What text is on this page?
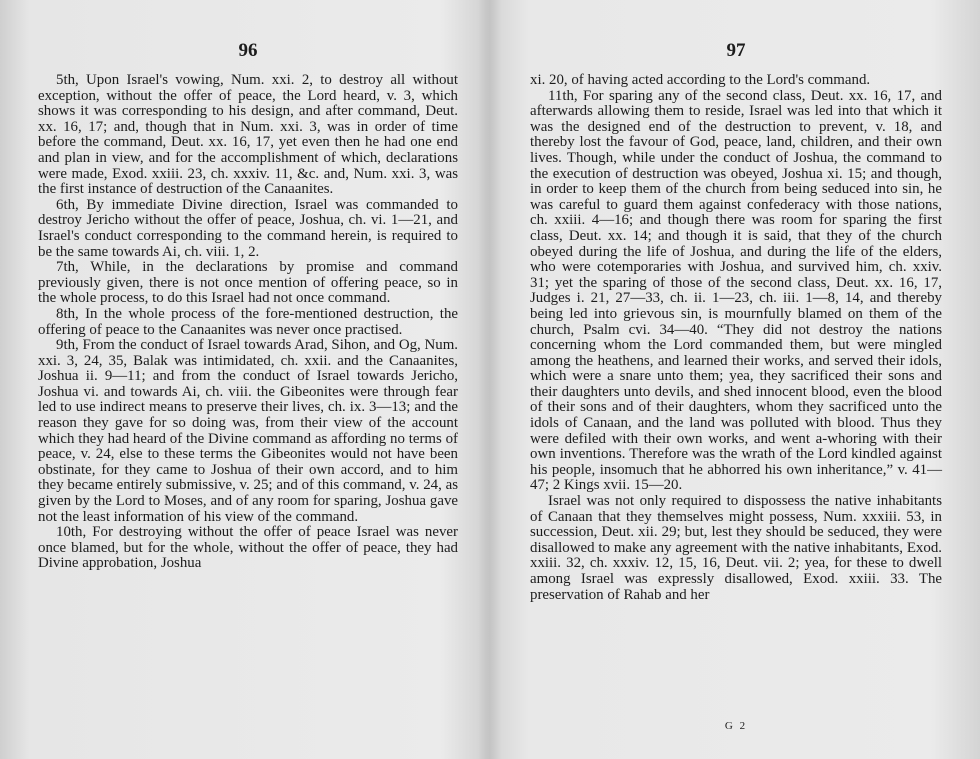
96

5th, Upon Israel's vowing, Num. xxi. 2, to destroy all without exception, without the offer of peace, the Lord heard, v. 3, which shows it was corresponding to his design, and after command, Deut. xx. 16, 17; and, though that in Num. xxi. 3, was in order of time before the command, Deut. xx. 16, 17, yet even then he had one end and plan in view, and for the accomplishment of which, declarations were made, Exod. xxiii. 23, ch. xxxiv. 11, &c. and, Num. xxi. 3, was the first instance of destruction of the Canaanites.

6th, By immediate Divine direction, Israel was commanded to destroy Jericho without the offer of peace, Joshua, ch. vi. 1—21, and Israel's conduct corresponding to the command herein, is required to be the same towards Ai, ch. viii. 1, 2.

7th, While, in the declarations by promise and command previously given, there is not once mention of offering peace, so in the whole process, to do this Israel had not once command.

8th, In the whole process of the fore-mentioned destruction, the offering of peace to the Canaanites was never once practised.

9th, From the conduct of Israel towards Arad, Sihon, and Og, Num. xxi. 3, 24, 35, Balak was intimidated, ch. xxii. and the Canaanites, Joshua ii. 9—11; and from the conduct of Israel towards Jericho, Joshua vi. and towards Ai, ch. viii. the Gibeonites were through fear led to use indirect means to preserve their lives, ch. ix. 3—13; and the reason they gave for so doing was, from their view of the account which they had heard of the Divine command as affording no terms of peace, v. 24, else to these terms the Gibeonites would not have been obstinate, for they came to Joshua of their own accord, and to him they became entirely submissive, v. 25; and of this command, v. 24, as given by the Lord to Moses, and of any room for sparing, Joshua gave not the least information of his view of the command.

10th, For destroying without the offer of peace Israel was never once blamed, but for the whole, without the offer of peace, they had Divine approbation, Joshua

97

xi. 20, of having acted according to the Lord's command.

11th, For sparing any of the second class, Deut. xx. 16, 17, and afterwards allowing them to reside, Israel was led into that which it was the designed end of the destruction to prevent, v. 18, and thereby lost the favour of God, peace, land, children, and their own lives. Though, while under the conduct of Joshua, the command to the execution of destruction was obeyed, Joshua xi. 15; and though, in order to keep them of the church from being seduced into sin, he was careful to guard them against confederacy with those nations, ch. xxiii. 4—16; and though there was room for sparing the first class, Deut. xx. 14; and though it is said, that they of the church obeyed during the life of Joshua, and during the life of the elders, who were cotemporaries with Joshua, and survived him, ch. xxiv. 31; yet the sparing of those of the second class, Deut. xx. 16, 17, Judges i. 21, 27—33, ch. ii. 1—23, ch. iii. 1—8, 14, and thereby being led into grievous sin, is mournfully blamed on them of the church, Psalm cvi. 34—40. “They did not destroy the nations concerning whom the Lord commanded them, but were mingled among the heathens, and learned their works, and served their idols, which were a snare unto them; yea, they sacrificed their sons and their daughters unto devils, and shed innocent blood, even the blood of their sons and of their daughters, whom they sacrificed unto the idols of Canaan, and the land was polluted with blood. Thus they were defiled with their own works, and went a-whoring with their own inventions. Therefore was the wrath of the Lord kindled against his people, insomuch that he abhorred his own inheritance,” v. 41—47; 2 Kings xvii. 15—20.

Israel was not only required to dispossess the native inhabitants of Canaan that they themselves might possess, Num. xxxiii. 53, in succession, Deut. xii. 29; but, lest they should be seduced, they were disallowed to make any agreement with the native inhabitants, Exod. xxiii. 32, ch. xxxiv. 12, 15, 16, Deut. vii. 2; yea, for these to dwell among Israel was expressly disallowed, Exod. xxiii. 33. The preservation of Rahab and her

G 2
